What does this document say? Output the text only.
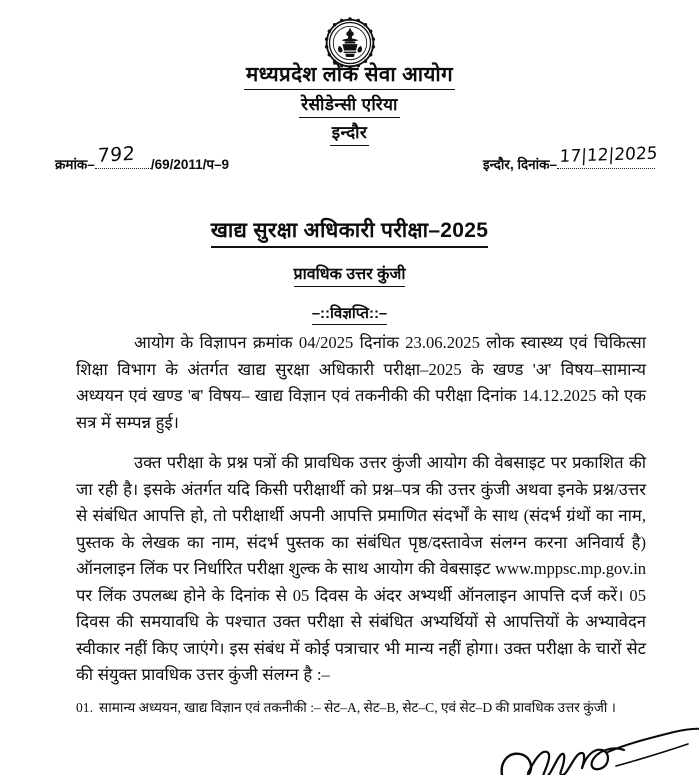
मध्यप्रदेश लोक सेवा आयोग
रेसीडेन्सी एरिया
इन्दौर
क्रमांक– 792 /69/2011/प–9	इन्दौर, दिनांक– 17|12|2025
खाद्य सुरक्षा अधिकारी परीक्षा–2025
प्रावधिक उत्तर कुंजी
–::विज्ञप्ति::–

आयोग के विज्ञापन क्रमांक 04/2025 दिनांक 23.06.2025 लोक स्वास्थ्य एवं चिकित्सा शिक्षा विभाग के अंतर्गत खाद्य सुरक्षा अधिकारी परीक्षा–2025 के खण्ड 'अ' विषय–सामान्य अध्ययन एवं खण्ड 'ब' विषय– खाद्य विज्ञान एवं तकनीकी की परीक्षा दिनांक 14.12.2025 को एक सत्र में सम्पन्न हुई।

उक्त परीक्षा के प्रश्न पत्रों की प्रावधिक उत्तर कुंजी आयोग की वेबसाइट पर प्रकाशित की जा रही है। इसके अंतर्गत यदि किसी परीक्षार्थी को प्रश्न–पत्र की उत्तर कुंजी अथवा इनके प्रश्न/उत्तर से संबंधित आपत्ति हो, तो परीक्षार्थी अपनी आपत्ति प्रमाणित संदर्भों के साथ (संदर्भ ग्रंथों का नाम, पुस्तक के लेखक का नाम, संदर्भ पुस्तक का संबंधित पृष्ठ/दस्तावेज संलग्न करना अनिवार्य है) ऑनलाइन लिंक पर निर्धारित परीक्षा शुल्क के साथ आयोग की वेबसाइट www.mppsc.mp.gov.in पर लिंक उपलब्ध होने के दिनांक से 05 दिवस के अंदर अभ्यर्थी ऑनलाइन आपत्ति दर्ज करें। 05 दिवस की समयावधि के पश्चात उक्त परीक्षा से संबंधित अभ्यर्थियों से आपत्तियों के अभ्यावेदन स्वीकार नहीं किए जाएंगे। इस संबंध में कोई पत्राचार भी मान्य नहीं होगा। उक्त परीक्षा के चारों सेट की संयुक्त प्रावधिक उत्तर कुंजी संलग्न है :–

01. सामान्य अध्ययन, खाद्य विज्ञान एवं तकनीकी :– सेट–A, सेट–B, सेट–C, एवं सेट–D की प्रावधिक उत्तर कुंजी ।
